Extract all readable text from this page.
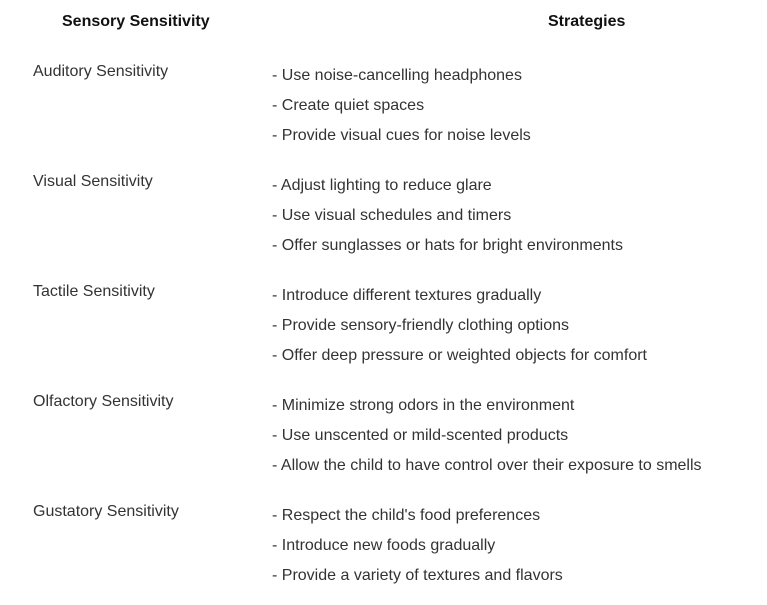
Sensory Sensitivity	Strategies
Auditory Sensitivity	- Use noise-cancelling headphones
- Create quiet spaces
- Provide visual cues for noise levels
Visual Sensitivity	- Adjust lighting to reduce glare
- Use visual schedules and timers
- Offer sunglasses or hats for bright environments
Tactile Sensitivity	- Introduce different textures gradually
- Provide sensory-friendly clothing options
- Offer deep pressure or weighted objects for comfort
Olfactory Sensitivity	- Minimize strong odors in the environment
- Use unscented or mild-scented products
- Allow the child to have control over their exposure to smells
Gustatory Sensitivity	- Respect the child's food preferences
- Introduce new foods gradually
- Provide a variety of textures and flavors
